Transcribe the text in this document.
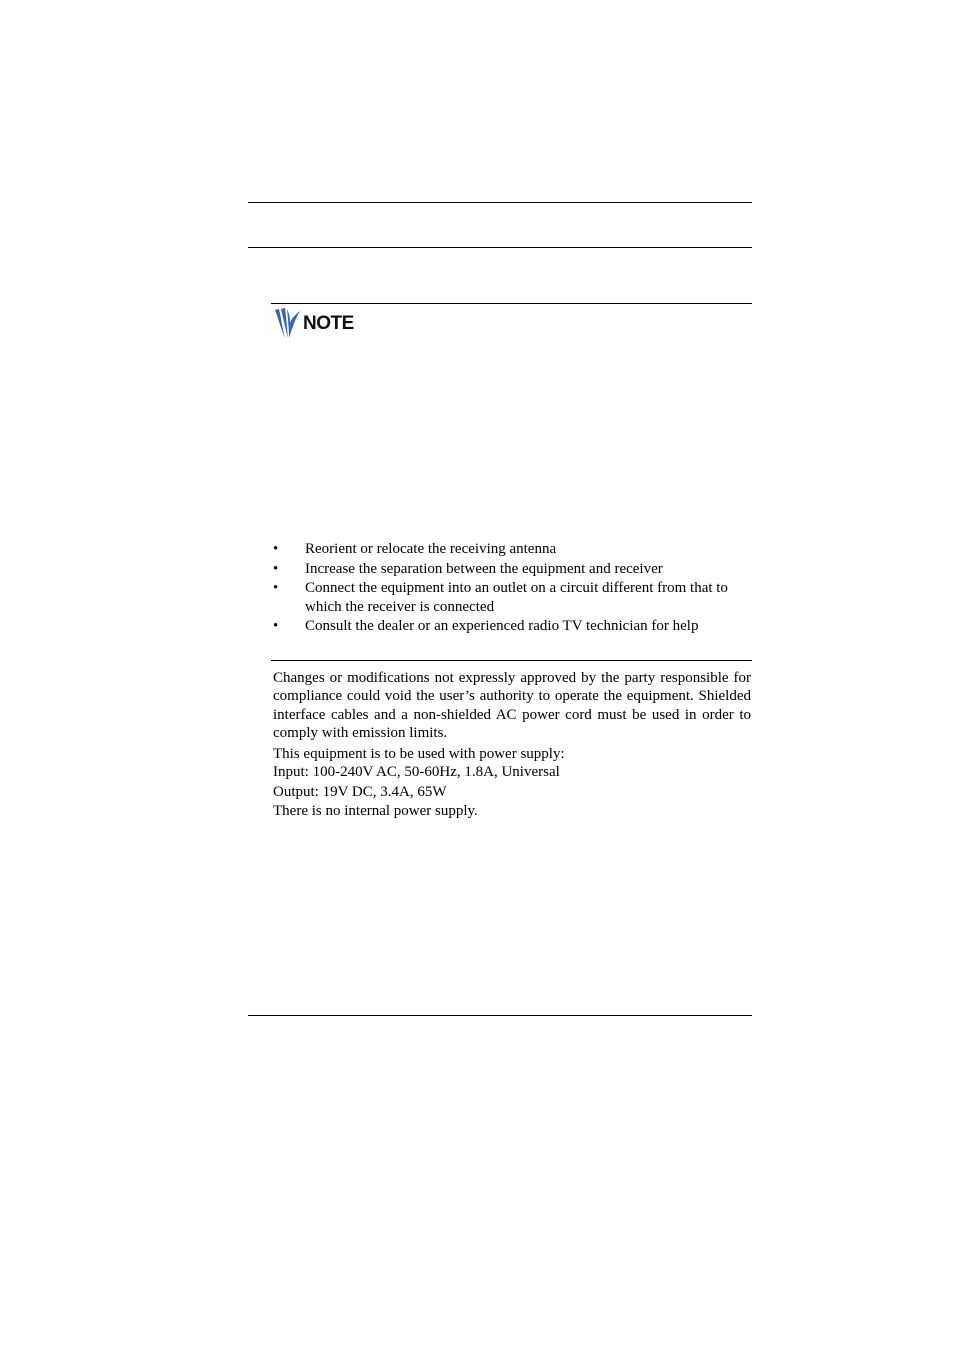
NOTE
• Reorient or relocate the receiving antenna
• Increase the separation between the equipment and receiver
• Connect the equipment into an outlet on a circuit different from that to which the receiver is connected
• Consult the dealer or an experienced radio TV technician for help

Changes or modifications not expressly approved by the party responsible for compliance could void the user’s authority to operate the equipment. Shielded interface cables and a non-shielded AC power cord must be used in order to comply with emission limits.

This equipment is to be used with power supply:

Input: 100-240V AC, 50-60Hz, 1.8A, Universal

Output: 19V DC, 3.4A, 65W

There is no internal power supply.
